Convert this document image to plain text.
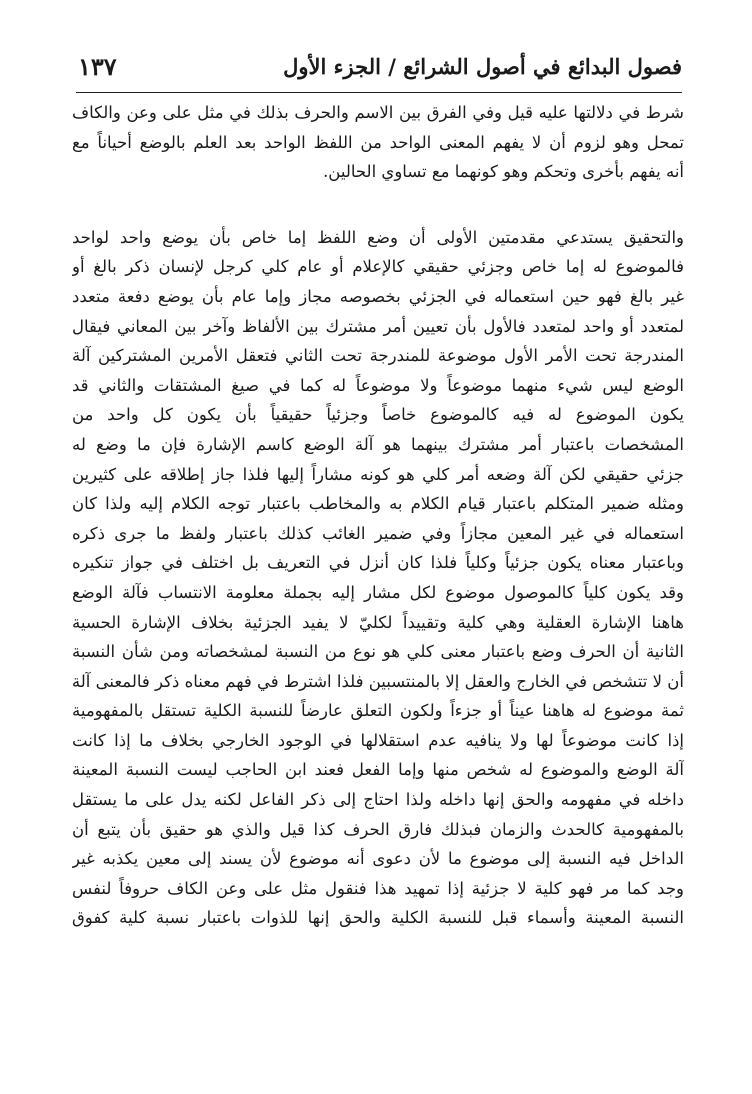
فصول البدائع في أصول الشرائع / الجزء الأول
١٣٧
شرط في دلالتها عليه قيل وفي الفرق بين الاسم والحرف بذلك في مثل على وعن والكاف
تمحل وهو لزوم أن لا يفهم المعنى الواحد من اللفظ الواحد بعد العلم بالوضع أحياناً مع
أنه يفهم بأخرى وتحكم وهو كونهما مع تساوي الحالين.
والتحقيق يستدعي مقدمتين الأولى أن وضع اللفظ إما خاص بأن يوضع واحد لواحد
فالموضوع له إما خاص وجزئي حقيقي كالإعلام أو عام كلي كرجل لإنسان ذكر بالغ أو
غير بالغ فهو حين استعماله في الجزئي بخصوصه مجاز وإما عام بأن يوضع دفعة متعدد
لمتعدد أو واحد لمتعدد فالأول بأن تعيين أمر مشترك بين الألفاظ وآخر بين المعاني فيقال
المندرجة تحت الأمر الأول موضوعة للمندرجة تحت الثاني فتعقل الأمرين المشتركين آلة
الوضع ليس شيء منهما موضوعاً ولا موضوعاً له كما في صيغ المشتقات والثاني قد
يكون الموضوع له فيه كالموضوع خاصاً وجزئياً حقيقياً بأن يكون كل واحد من
المشخصات باعتبار أمر مشترك بينهما هو آلة الوضع كاسم الإشارة فإن ما وضع له
جزئي حقيقي لكن آلة وضعه أمر كلي هو كونه مشاراً إليها فلذا جاز إطلاقه على كثيرين
ومثله ضمير المتكلم باعتبار قيام الكلام به والمخاطب باعتبار توجه الكلام إليه ولذا كان
استعماله في غير المعين مجازاً وفي ضمير الغائب كذلك باعتبار ولفظ ما جرى ذكره
وباعتبار معناه يكون جزئياً وكلياً فلذا كان أنزل في التعريف بل اختلف في جواز تنكيره
وقد يكون كلياً كالموصول موضوع لكل مشار إليه بجملة معلومة الانتساب فآلة الوضع
هاهنا الإشارة العقلية وهي كلية وتقييداً لكليّ لا يفيد الجزئية بخلاف الإشارة الحسية
الثانية أن الحرف وضع باعتبار معنى كلي هو نوع من النسبة لمشخصاته ومن شأن النسبة
أن لا تتشخص في الخارج والعقل إلا بالمنتسبين فلذا اشترط في فهم معناه ذكر فالمعنى آلة
ثمة موضوع له هاهنا عيناً أو جزءاً ولكون التعلق عارضاً للنسبة الكلية تستقل بالمفهومية
إذا كانت موضوعاً لها ولا ينافيه عدم استقلالها في الوجود الخارجي بخلاف ما إذا كانت
آلة الوضع والموضوع له شخص منها وإما الفعل فعند ابن الحاجب ليست النسبة المعينة
داخله في مفهومه والحق إنها داخله ولذا احتاج إلى ذكر الفاعل لكنه يدل على ما يستقل
بالمفهومية كالحدث والزمان فبذلك فارق الحرف كذا قيل والذي هو حقيق بأن يتبع أن
الداخل فيه النسبة إلى موضوع ما لأن دعوى أنه موضوع لأن يسند إلى معين يكذبه غير
وجد كما مر فهو كلية لا جزئية إذا تمهيد هذا فنقول مثل على وعن الكاف حروفاً لنفس
النسبة المعينة وأسماء قبل للنسبة الكلية والحق إنها للذوات باعتبار نسبة كلية كفوق
